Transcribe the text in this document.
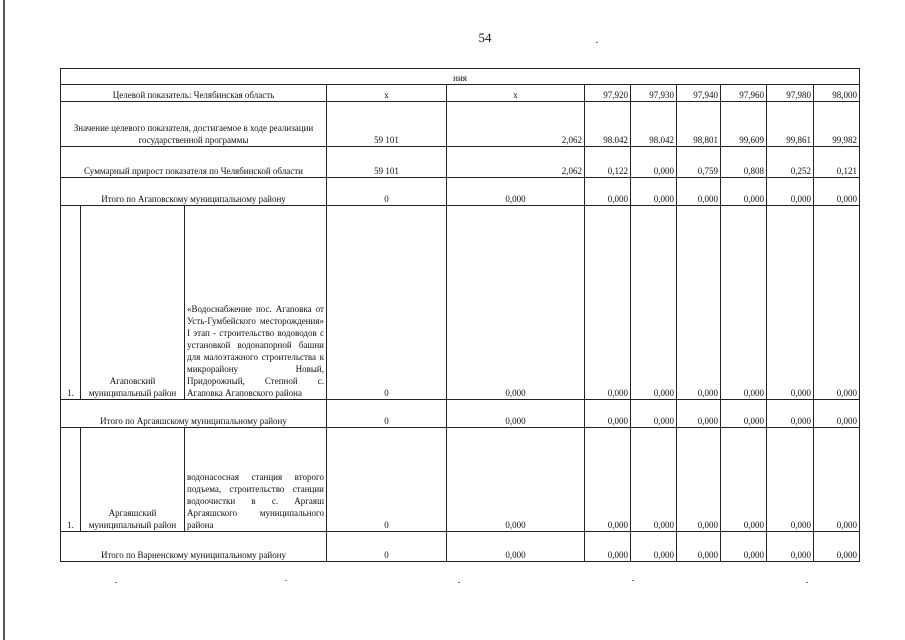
54
ния										
Целевой показатель: Челябинская область			х	х	97,920	97,930	97,940	97,960	97,980	98,000
Значение целевого показателя, достигаемое в ходе реализации государственной программы			59 101	2,062	98.042	98.042	98,801	99,609	99,861	99,982
Суммарный прирост показателя по Челябинской области			59 101	2,062	0,122	0,000	0,759	0,808	0,252	0,121
Итого по Агаповскому муниципальному району			0	0,000	0,000	0,000	0,000	0,000	0,000	0,000
1.	Агаповский муниципальный район	«Водоснабжение пос. Агаповка от Усть-Гумбейского месторождения» I этап - строительство водоводов с установкой водонапорной башни для малоэтажного строительства к микрорайону Новый, Придорожный, Степной с. Агаповка Агаповского района	0	0,000	0,000	0,000	0,000	0,000	0,000	0,000
Итого по Аргаяшскому муниципальному району			0	0,000	0,000	0,000	0,000	0,000	0,000	0,000
1.	Аргаяшский муниципальный район	водонасосная станция второго подъема, строительство станции водоочистки в с. Аргаяш Аргаяшского муниципального района	0	0,000	0,000	0,000	0,000	0,000	0,000	0,000
Итого по Варненскому муниципальному району			0	0,000	0,000	0,000	0,000	0,000	0,000	0,000
